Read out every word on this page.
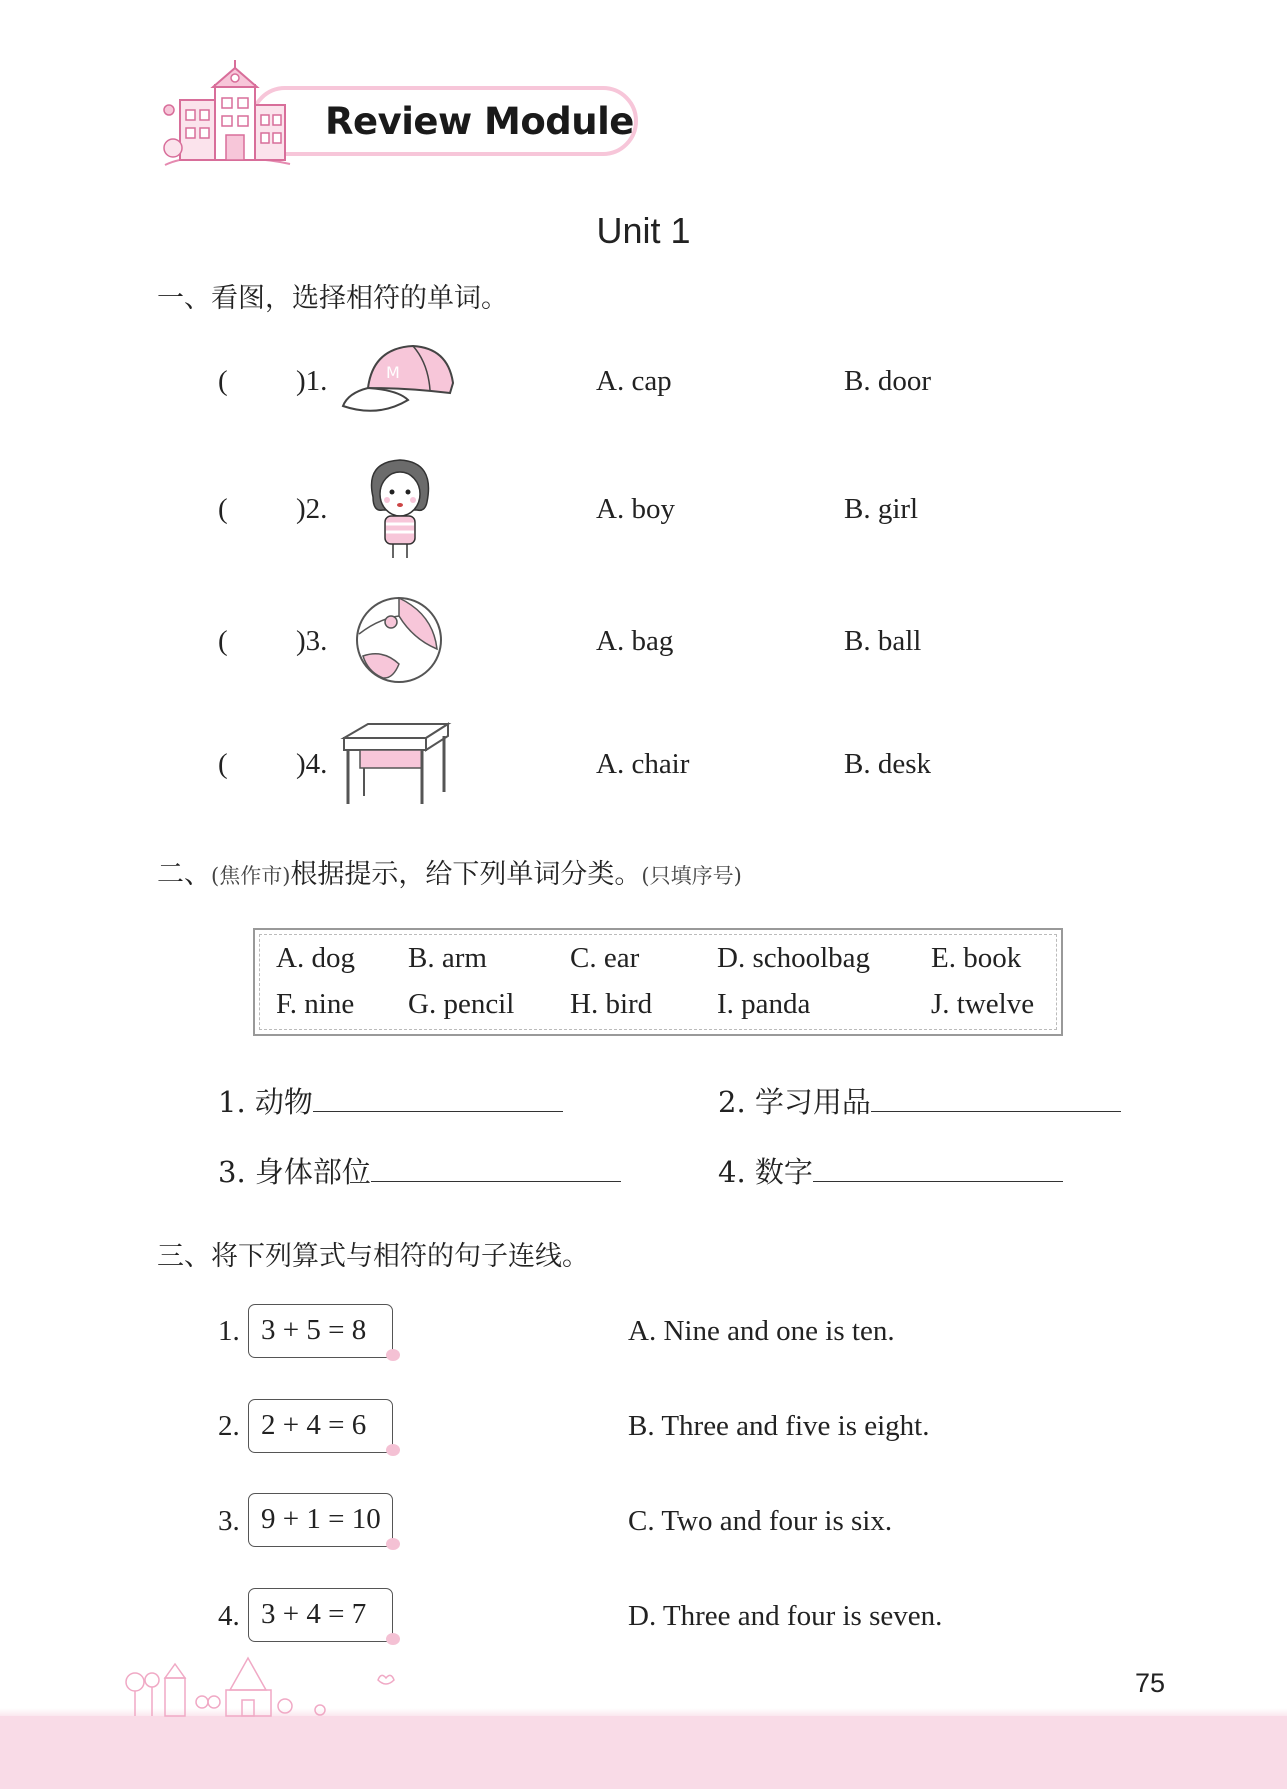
Review Module
Unit 1
一、看图，选择相符的单词。
( )1.	M	A. cap	B. door
( )2.	A. boy	B. girl
( )3.	A. bag	B. ball
( )4.	A. chair	B. desk
二、(焦作市)根据提示，给下列单词分类。(只填序号)
A. dog B. arm	C. ear	D. schoolbag E. book
F. nine G. pencil H. bird I. panda	J. twelve
1. 动物	2. 学习用品
3. 身体部位	4. 数字
三、将下列算式与相符的句子连线。
1. 3 + 5 = 8	A. Nine and one is ten.
2. 2 + 4 = 6	B. Three and five is eight.
3. 9 + 1 = 10	C. Two and four is six.
4. 3 + 4 = 7	D. Three and four is seven.
75
